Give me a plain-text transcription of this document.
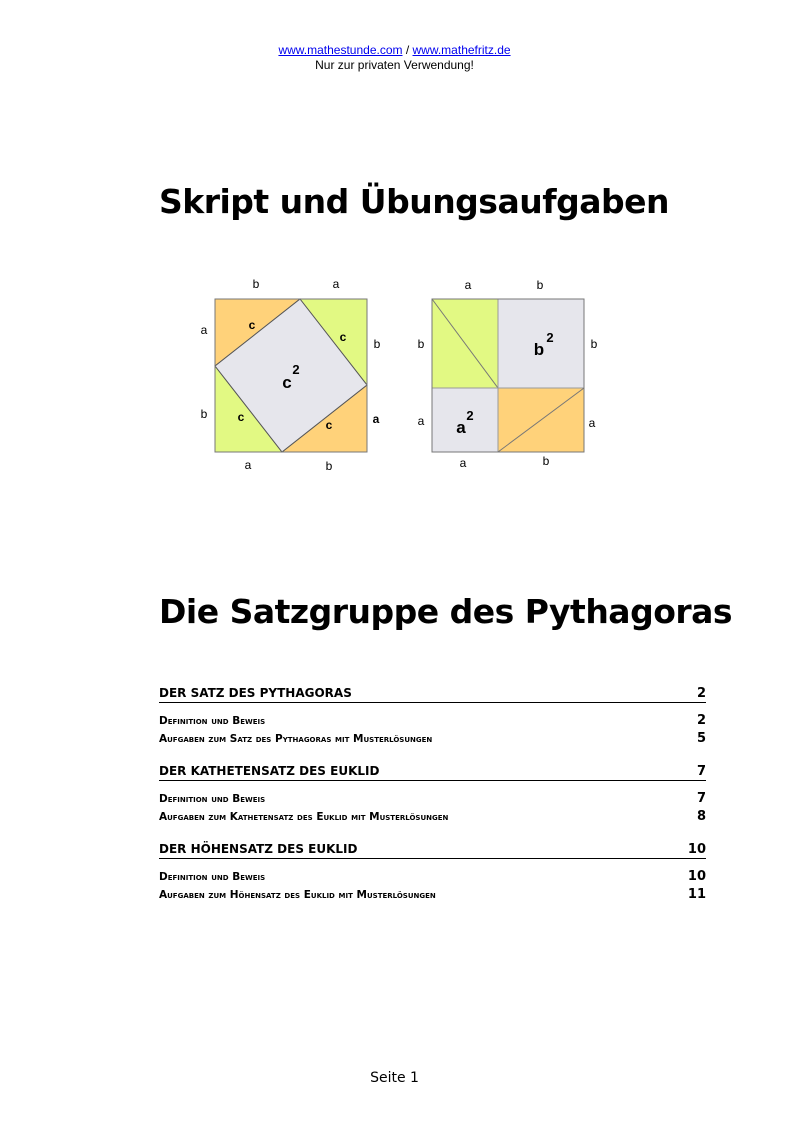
www.mathestunde.com / www.mathefritz.de
Nur zur privaten Verwendung!
Skript und Übungsaufgaben
b	a
a	b
a
b
b
a
c
c
c
c
c
2
a	b
a	b
b
a
b
a
b
2
a
2
Die Satzgruppe des Pythagoras
DER SATZ DES PYTHAGORAS	2
Definition und Beweis	2
Aufgaben zum Satz des Pythagoras mit Musterlösungen	5
DER KATHETENSATZ DES EUKLID	7
Definition und Beweis	7
Aufgaben zum Kathetensatz des Euklid mit Musterlösungen	8
DER HÖHENSATZ DES EUKLID	10
Definition und Beweis	10
Aufgaben zum Höhensatz des Euklid mit Musterlösungen	11
Seite 1
